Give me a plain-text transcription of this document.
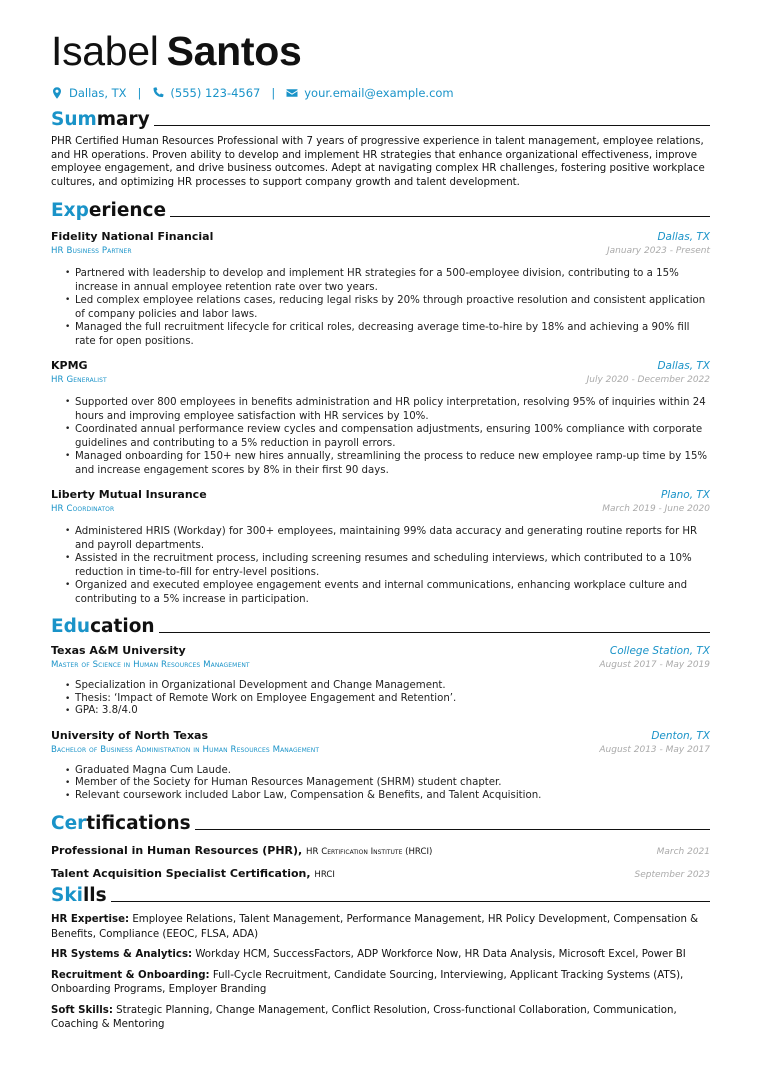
Isabel Santos
Dallas, TX |	(555) 123-4567 |	your.email@example.com
Summary

PHR Certified Human Resources Professional with 7 years of progressive experience in talent management, employee relations, and HR operations. Proven ability to develop and implement HR strategies that enhance organizational effectiveness, improve employee engagement, and drive business outcomes. Adept at navigating complex HR challenges, fostering positive workplace cultures, and optimizing HR processes to support company growth and talent development.

Experience
Fidelity National Financial	Dallas, TX
HR Business Partner	January 2023 - Present
• Partnered with leadership to develop and implement HR strategies for a 500-employee division, contributing to a 15% increase in annual employee retention rate over two years.
• Led complex employee relations cases, reducing legal risks by 20% through proactive resolution and consistent application of company policies and labor laws.
• Managed the full recruitment lifecycle for critical roles, decreasing average time-to-hire by 18% and achieving a 90% fill rate for open positions.
KPMG	Dallas, TX
HR Generalist	July 2020 - December 2022
• Supported over 800 employees in benefits administration and HR policy interpretation, resolving 95% of inquiries within 24 hours and improving employee satisfaction with HR services by 10%.
• Coordinated annual performance review cycles and compensation adjustments, ensuring 100% compliance with corporate guidelines and contributing to a 5% reduction in payroll errors.
• Managed onboarding for 150+ new hires annually, streamlining the process to reduce new employee ramp-up time by 15% and increase engagement scores by 8% in their first 90 days.
Liberty Mutual Insurance	Plano, TX
HR Coordinator	March 2019 - June 2020
• Administered HRIS (Workday) for 300+ employees, maintaining 99% data accuracy and generating routine reports for HR and payroll departments.
• Assisted in the recruitment process, including screening resumes and scheduling interviews, which contributed to a 10% reduction in time-to-fill for entry-level positions.
• Organized and executed employee engagement events and internal communications, enhancing workplace culture and contributing to a 5% increase in participation.
Education
Texas A&M University	College Station, TX
Master of Science in Human Resources Management	August 2017 - May 2019
• Specialization in Organizational Development and Change Management.
• Thesis: ‘Impact of Remote Work on Employee Engagement and Retention’.
• GPA: 3.8/4.0
University of North Texas	Denton, TX
Bachelor of Business Administration in Human Resources Management	August 2013 - May 2017
• Graduated Magna Cum Laude.
• Member of the Society for Human Resources Management (SHRM) student chapter.
• Relevant coursework included Labor Law, Compensation & Benefits, and Talent Acquisition.
Certifications
Professional in Human Resources (PHR), HR Certification Institute (HRCI)	March 2021
Talent Acquisition Specialist Certification, HRCI	September 2023
Skills

HR Expertise: Employee Relations, Talent Management, Performance Management, HR Policy Development, Compensation & Benefits, Compliance (EEOC, FLSA, ADA)

HR Systems & Analytics: Workday HCM, SuccessFactors, ADP Workforce Now, HR Data Analysis, Microsoft Excel, Power BI

Recruitment & Onboarding: Full-Cycle Recruitment, Candidate Sourcing, Interviewing, Applicant Tracking Systems (ATS), Onboarding Programs, Employer Branding

Soft Skills: Strategic Planning, Change Management, Conflict Resolution, Cross-functional Collaboration, Communication, Coaching & Mentoring
